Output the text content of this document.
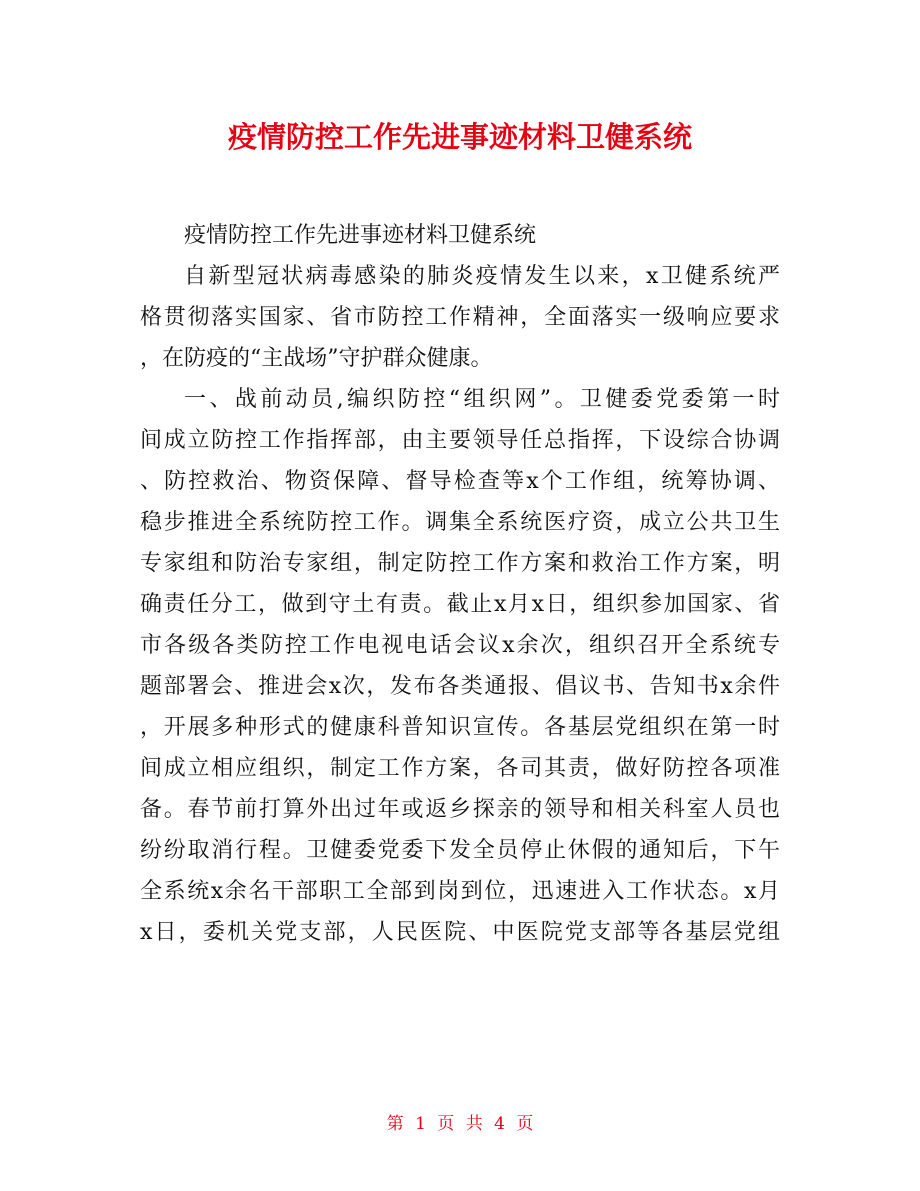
疫情防控工作先进事迹材料卫健系统
疫情防控工作先进事迹材料卫健系统
自新型冠状病毒感染的肺炎疫情发生以来，x卫健系统严
格贯彻落实国家、省市防控工作精神，全面落实一级响应要求
，在防疫的“主战场”守护群众健康。
一、战前动员,编织防控“组织网”。卫健委党委第一时
间成立防控工作指挥部，由主要领导任总指挥，下设综合协调
、防控救治、物资保障、督导检查等x个工作组，统筹协调、
稳步推进全系统防控工作。调集全系统医疗资，成立公共卫生
专家组和防治专家组，制定防控工作方案和救治工作方案，明
确责任分工，做到守土有责。截止x月x日，组织参加国家、省
市各级各类防控工作电视电话会议x余次，组织召开全系统专
题部署会、推进会x次，发布各类通报、倡议书、告知书x余件
，开展多种形式的健康科普知识宣传。各基层党组织在第一时
间成立相应组织，制定工作方案，各司其责，做好防控各项准
备。春节前打算外出过年或返乡探亲的领导和相关科室人员也
纷纷取消行程。卫健委党委下发全员停止休假的通知后，下午
全系统x余名干部职工全部到岗到位，迅速进入工作状态。x月
x日，委机关党支部，人民医院、中医院党支部等各基层党组
第 1 页 共 4 页
